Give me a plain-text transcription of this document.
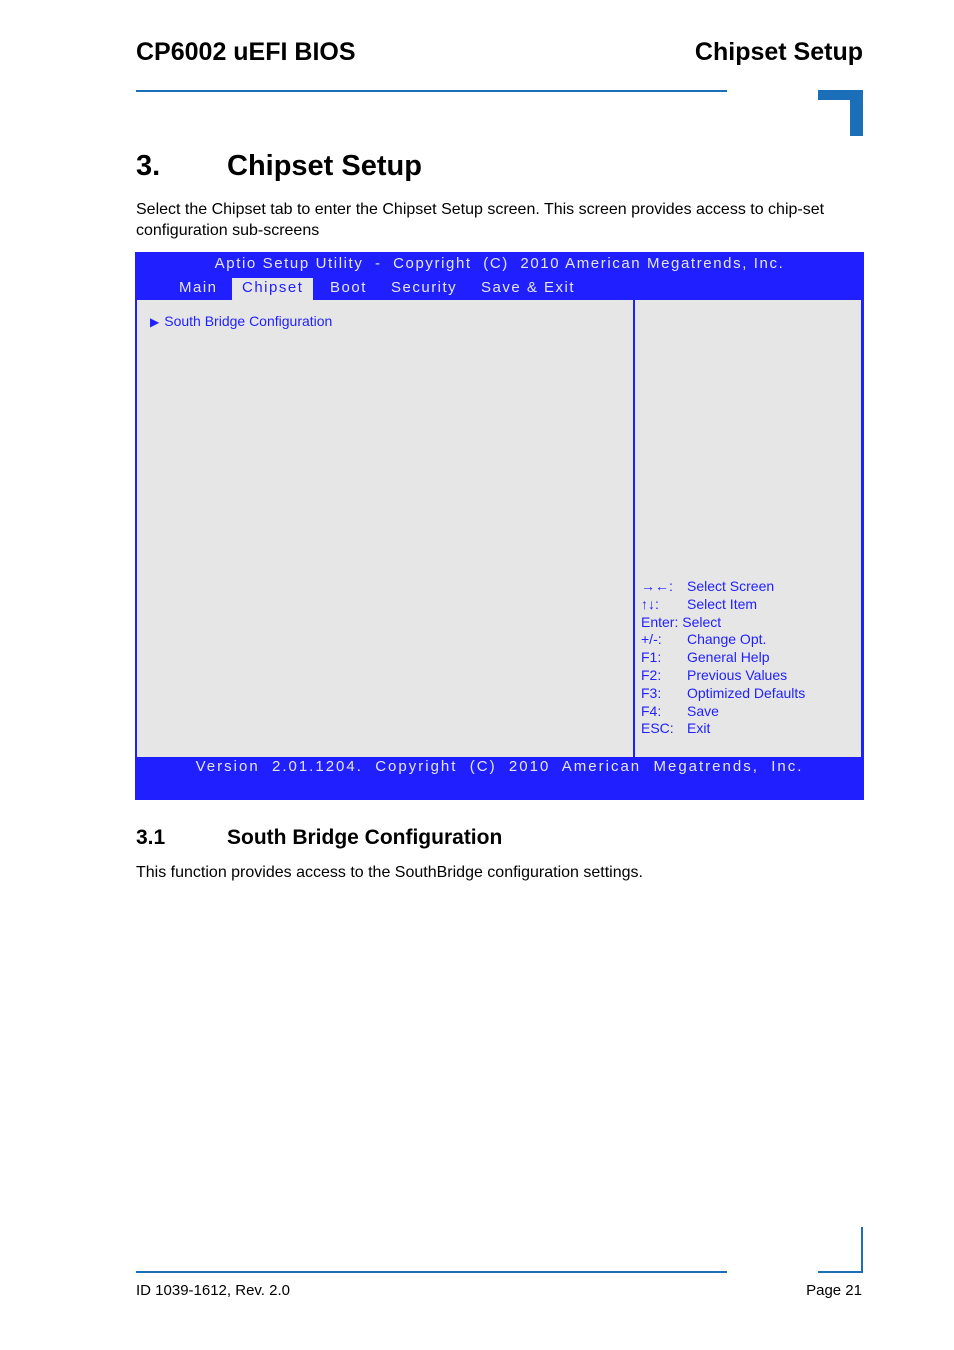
CP6002 uEFI BIOS	Chipset Setup
3. Chipset Setup
Select the Chipset tab to enter the Chipset Setup screen. This screen provides access to chip-set configuration sub-screens
Aptio Setup Utility  -  Copyright  (C)  2010 American Megatrends, Inc.
Main	Chipset	Boot Security Save & Exit
▶ South Bridge Configuration
→←: Select Screen
↑↓: Select Item
Enter: Select
+/-: Change Opt.
F1: General Help
F2: Previous Values
F3: Optimized Defaults
F4: Save
ESC: Exit
Version  2.01.1204.  Copyright  (C)  2010  American  Megatrends,  Inc.
3.1	South Bridge Configuration
This function provides access to the SouthBridge configuration settings.
ID 1039-1612, Rev. 2.0	Page 21
